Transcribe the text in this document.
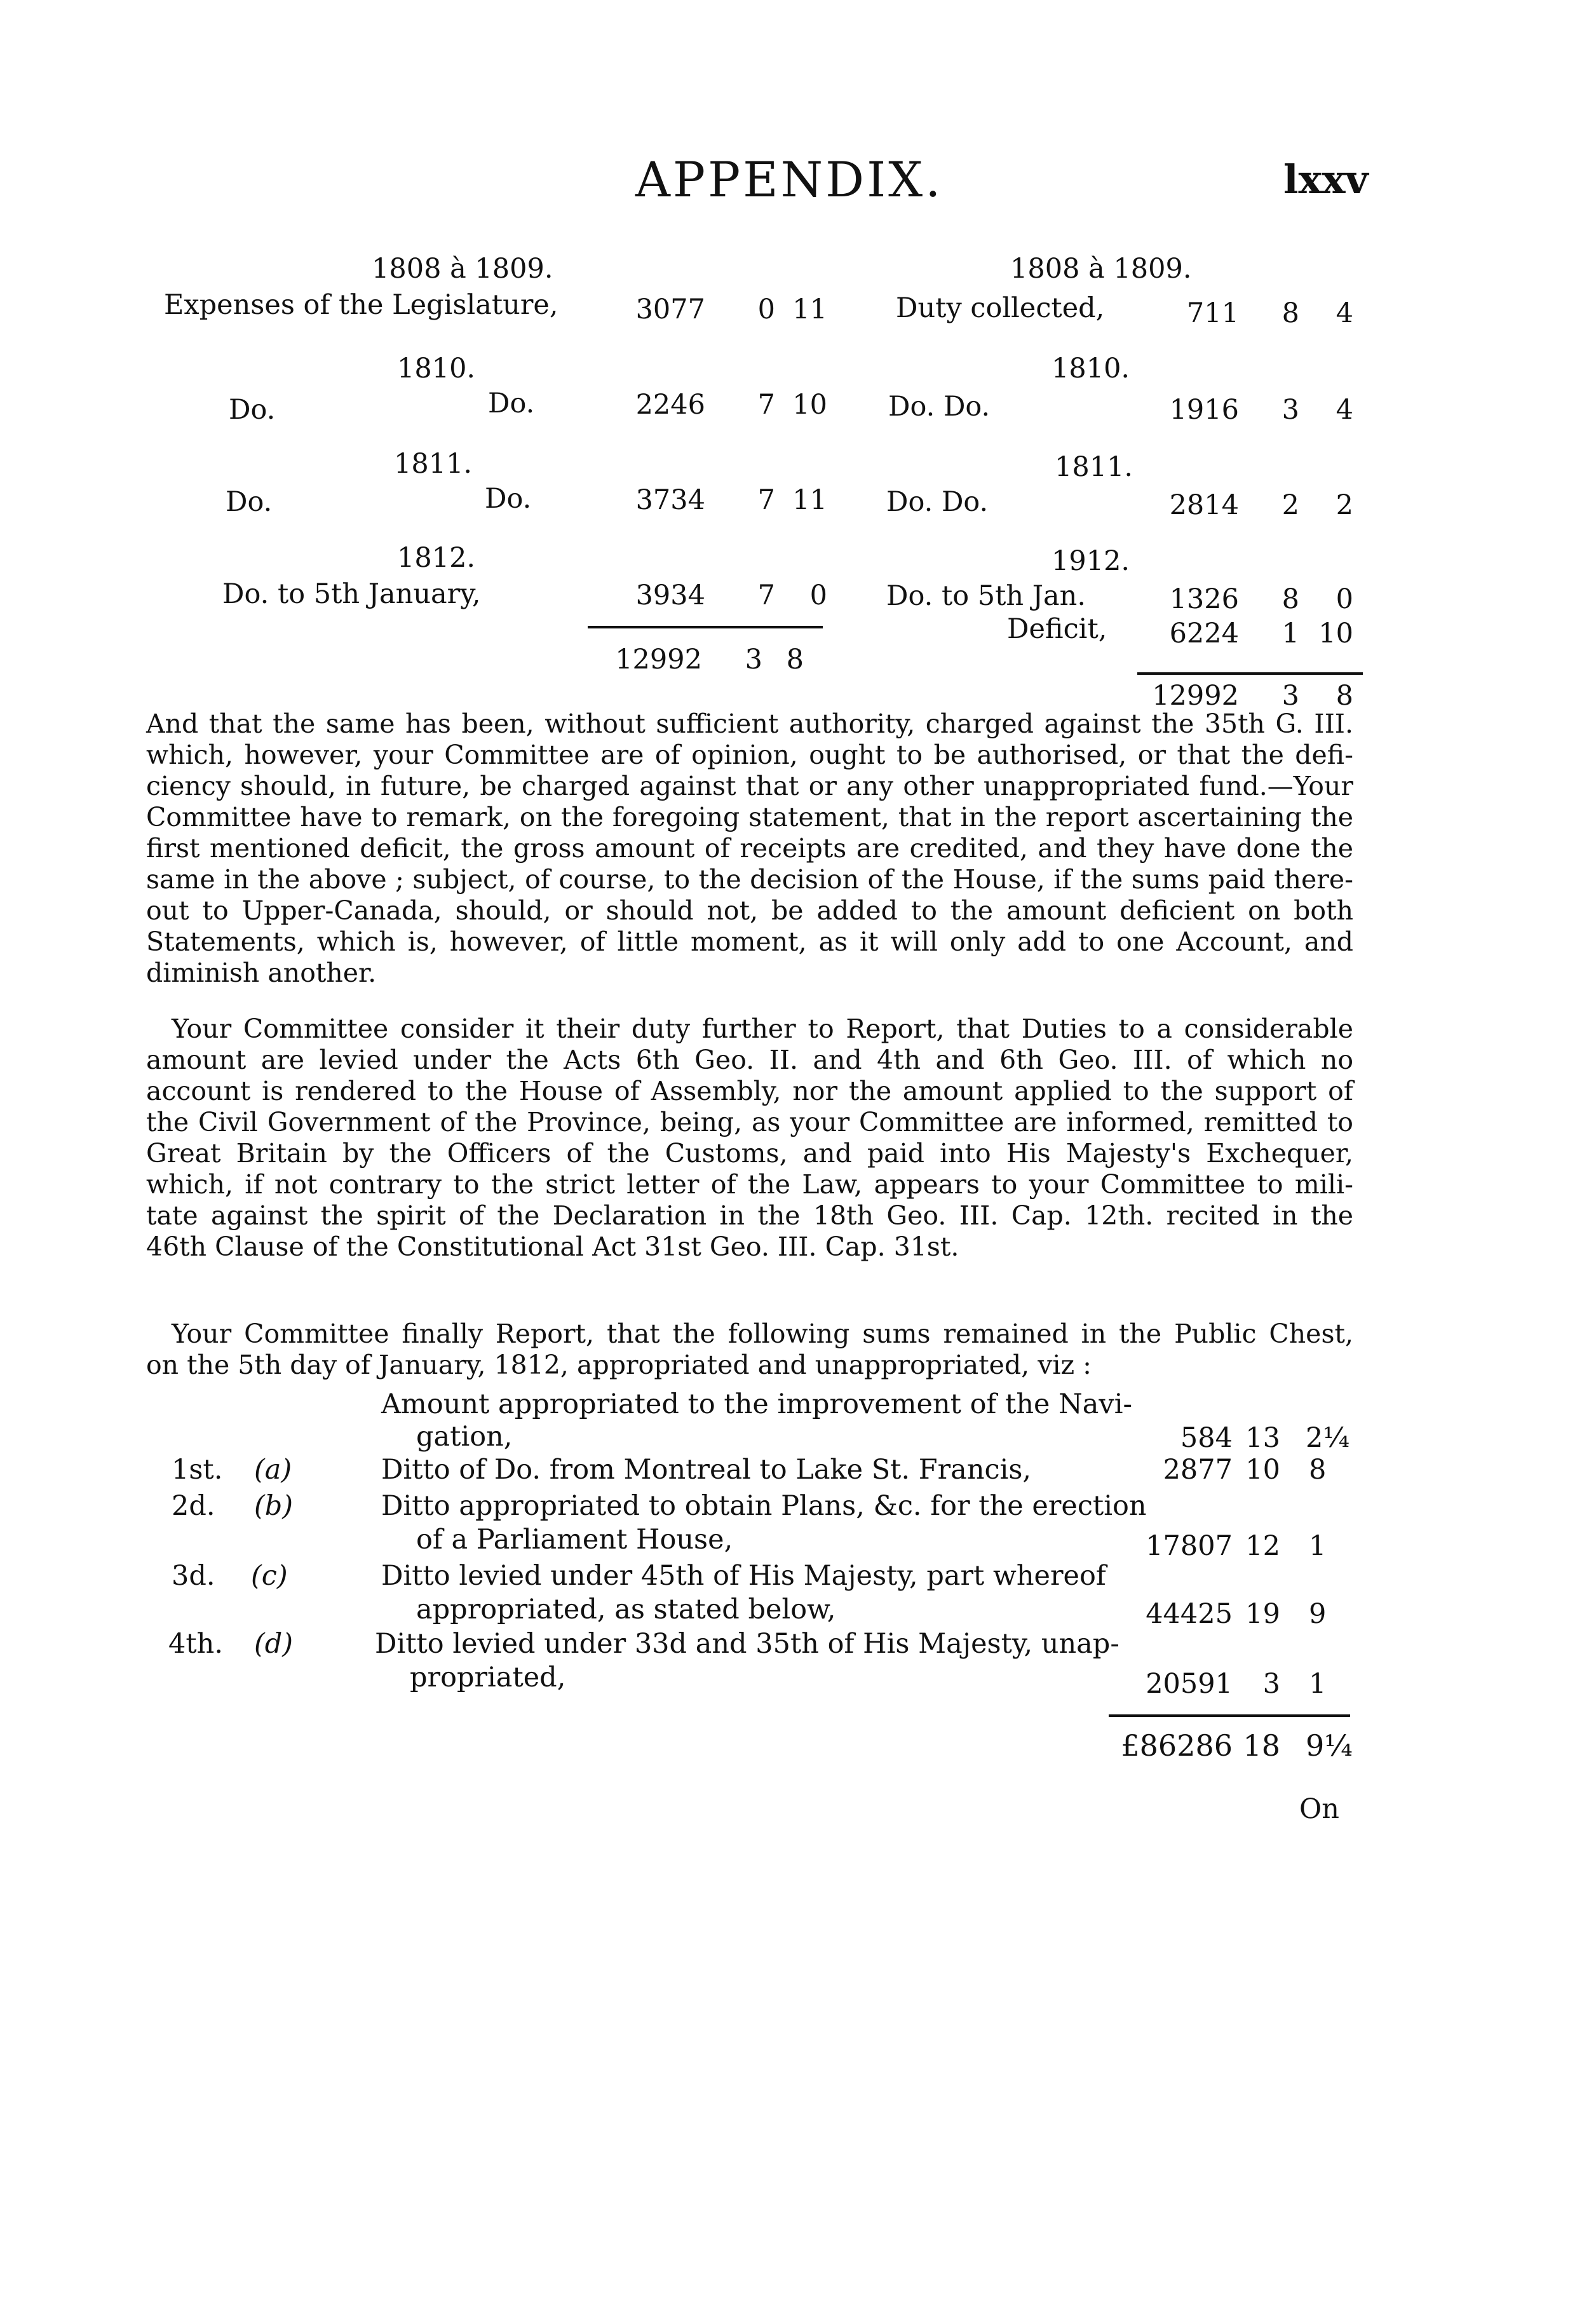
APPENDIX.	lxxv
1808 à 1809.
Expenses of the Legislature,	3077	0 11
1810.
Do.	Do.	2246	7 10
1811.
Do.	Do.	3734	7 11
1812.
Do. to 5th January,	3934	7	0
12992	3 8
1808 à 1809.
Duty collected,	711	8	4
1810.
Do. Do.	1916	3	4
1811.
Do. Do.	2814	2	2
1912.
Do. to 5th Jan.	1326	8	0
Deficit,	6224	1 10
12992	3	8
And that the same has been, without sufficient authority, charged against the 35th G. III.
which, however, your Committee are of opinion, ought to be authorised, or that the defi-
ciency should, in future, be charged against that or any other unappropriated fund.—Your
Committee have to remark, on the foregoing statement, that in the report ascertaining the
first mentioned deficit, the gross amount of receipts are credited, and they have done the
same in the above ; subject, of course, to the decision of the House, if the sums paid there-
out to Upper-Canada, should, or should not, be added to the amount deficient on both
Statements, which is, however, of little moment, as it will only add to one Account, and
diminish another.
Your Committee consider it their duty further to Report, that Duties to a considerable
amount are levied under the Acts 6th Geo. II. and 4th and 6th Geo. III. of which no
account is rendered to the House of Assembly, nor the amount applied to the support of
the Civil Government of the Province, being, as your Committee are informed, remitted to
Great Britain by the Officers of the Customs, and paid into His Majesty's Exchequer,
which, if not contrary to the strict letter of the Law, appears to your Committee to mili-
tate against the spirit of the Declaration in the 18th Geo. III. Cap. 12th. recited in the
46th Clause of the Constitutional Act 31st Geo. III. Cap. 31st.
Your Committee finally Report, that the following sums remained in the Public Chest,
on the 5th day of January, 1812, appropriated and unappropriated, viz :
Amount appropriated to the improvement of the Navi-
gation,	584 13 2¼
1st. (a)	Ditto of Do. from Montreal to Lake St. Francis,	2877 10 8
2d. (b)	Ditto appropriated to obtain Plans, &c. for the erection
of a Parliament House,	17807 12 1
3d. (c)	Ditto levied under 45th of His Majesty, part whereof
appropriated, as stated below,	44425 19 9
4th. (d)	Ditto levied under 33d and 35th of His Majesty, unap-
propriated,	20591	3 1
£86286 18 9¼
On
